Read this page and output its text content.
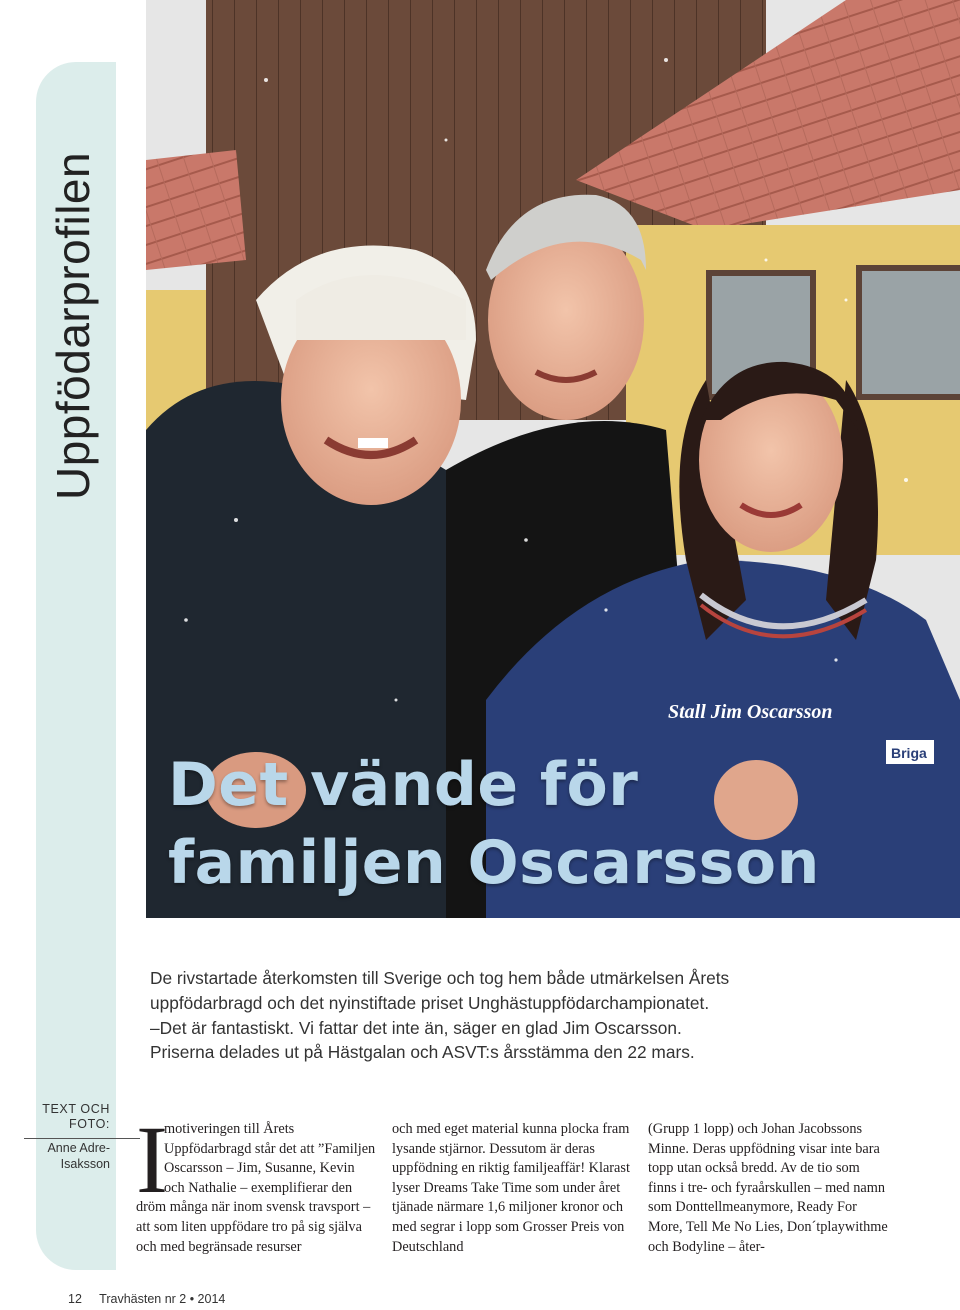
Uppfödarprofilen
Stall Jim Oscarsson
Briga
Det vände för
familjen Oscarsson

De rivstartade återkomsten till Sverige och tog hem både utmärkelsen Årets

uppfödarbragd och det nyinstiftade priset Unghästuppfödarchampionatet.

–Det är fantastiskt. Vi fattar det inte än, säger en glad Jim Oscarsson.

Priserna delades ut på Hästgalan och ASVT:s årsstämma den 22 mars.

TEXT OCH FOTO:
Anne Adre-Isaksson I
motiveringen till Årets Uppfödarbragd står det att ”Familjen Oscarsson – Jim, Susanne, Kevin och Nathalie – exemplifierar den dröm många när inom svensk travsport – att som liten uppfödare tro på sig själva och med begränsade resurser

och med eget material kunna plocka fram lysande stjärnor. Dessutom är deras uppfödning en riktig familjeaffär! Klarast lyser Dreams Take Time som under året tjänade närmare 1,6 miljoner kronor och med segrar i lopp som Grosser Preis von Deutschland

(Grupp 1 lopp) och Johan Jacobssons Minne. Deras uppfödning visar inte bara topp utan också bredd. Av de tio som finns i tre- och fyraårskullen – med namn som Donttellmeanymore, Ready For More, Tell Me No Lies, Don´tplaywithme och Bodyline – åter-

12 Travhästen nr 2 • 2014
